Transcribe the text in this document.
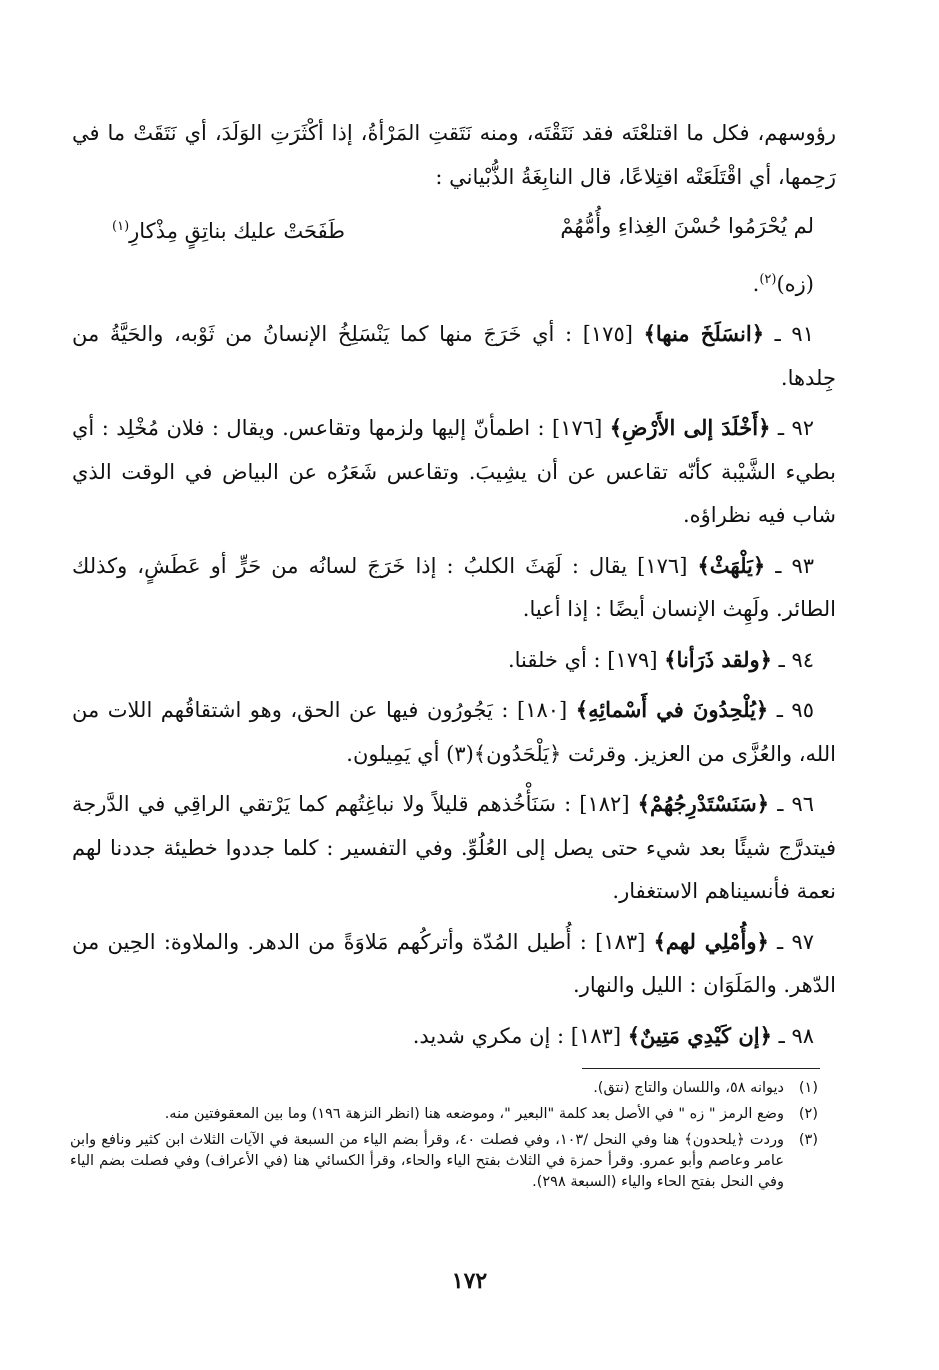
رؤوسهم، فكل ما اقتلعْتَه فقد نَتَقْتَه، ومنه نَتَقتِ المَرْأةُ، إذا أكْثَرَتِ الوَلَدَ، أي نَتَقَتْ ما في رَحِمها، أي اقْتَلَعَتْه اقتِلاعًا، قال النابِغَةُ الذُّبْياني :

لم يُحْرَمُوا حُسْنَ الغِذاءِ وأُمُّهُمْ
طَفَحَتْ عليك بناتِقٍ مِذْكارِ$^{(١)}$

(زه)$^{(٢)}$.

٩١ ـ ﴿انسَلَخَ منها﴾ [١٧٥] : أي خَرَجَ منها كما يَنْسَلِخُ الإنسانُ من ثَوْبه، والحَيَّةُ من جِلدها.

٩٢ ـ ﴿أَخْلَدَ إلى الأَرْضِ﴾ [١٧٦] : اطمأنّ إليها ولزمها وتقاعس. ويقال : فلان مُخْلِد : أي بطيء الشَّيْبة كأنّه تقاعس عن أن يشِيبَ. وتقاعس شَعَرُه عن البياض في الوقت الذي شاب فيه نظراؤه.

٩٣ ـ ﴿يَلْهَثْ﴾ [١٧٦] يقال : لَهَثَ الكلبُ : إذا خَرَجَ لسانُه من حَرٍّ أو عَطَشٍ، وكذلك الطائر. ولَهِث الإنسان أيضًا : إذا أعيا.

٩٤ ـ ﴿ولقد ذَرَأنا﴾ [١٧٩] : أي خلقنا.

٩٥ ـ ﴿يُلْحِدُونَ في أَسْمائِهِ﴾ [١٨٠] : يَجُورُون فيها عن الحق، وهو اشتقاقُهم اللات من الله، والعُزَّى من العزيز. وقرئت ﴿يَلْحَدُون﴾(٣) أي يَمِيلون.

٩٦ ـ ﴿سَنَسْتَدْرِجُهُمْ﴾ [١٨٢] : سَنَأْخُذهم قليلاً ولا نباغِتُهم كما يَرْتقي الراقِي في الدَّرجة فيتدرَّج شيئًا بعد شيء حتى يصل إلى العُلُوِّ. وفي التفسير : كلما جددوا خطيئة جددنا لهم نعمة فأنسيناهم الاستغفار.

٩٧ ـ ﴿وأُمْلِي لهم﴾ [١٨٣] : أُطيل المُدّة وأتركُهم مَلاوَةً من الدهر. والملاوة: الحِين من الدّهر. والمَلَوَان : الليل والنهار.

٩٨ ـ ﴿إن كَيْدِي مَتِينٌ﴾ [١٨٣] : إن مكري شديد.

(١)
ديوانه ٥٨، واللسان والتاج (نتق).
(٢)
وضع الرمز " زه " في الأصل بعد كلمة "البعير "، وموضعه هنا (انظر النزهة ١٩٦) وما بين المعقوفتين منه.
(٣)
وردت ﴿يلحدون﴾ هنا وفي النحل /١٠٣، وفي فصلت ٤٠، وقرأ بضم الياء من السبعة في الآيات الثلاث ابن كثير ونافع وابن عامر وعاصم وأبو عمرو. وقرأ حمزة في الثلاث بفتح الياء والحاء، وقرأ الكسائي هنا (في الأعراف) وفي فصلت بضم الياء وفي النحل بفتح الحاء والياء (السبعة ٢٩٨).
١٧٢
